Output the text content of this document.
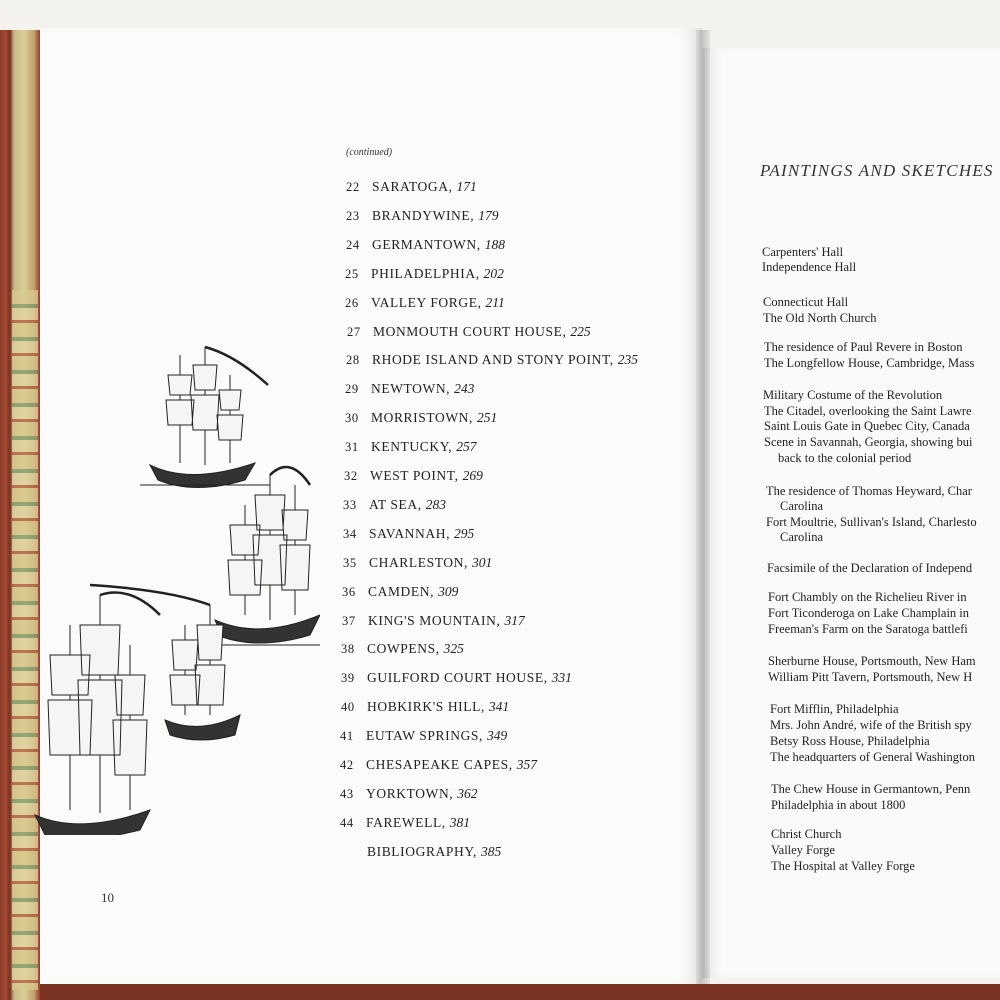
(continued)
22 SARATOGA, 171
23 BRANDYWINE, 179
24 GERMANTOWN, 188
25 PHILADELPHIA, 202
26 VALLEY FORGE, 211
27 MONMOUTH COURT HOUSE, 225
28 RHODE ISLAND AND STONY POINT, 235
29 NEWTOWN, 243
30 MORRISTOWN, 251
31 KENTUCKY, 257
32 WEST POINT, 269
33 AT SEA, 283
34 SAVANNAH, 295
35 CHARLESTON, 301
36 CAMDEN, 309
37 KING'S MOUNTAIN, 317
38 COWPENS, 325
39 GUILFORD COURT HOUSE, 331
40 HOBKIRK'S HILL, 341
41 EUTAW SPRINGS, 349
42 CHESAPEAKE CAPES, 357
43 YORKTOWN, 362
44 FAREWELL, 381
BIBLIOGRAPHY, 385
10
PAINTINGS AND SKETCHES
Carpenters' Hall
Independence Hall
Connecticut Hall
The Old North Church
The residence of Paul Revere in Boston
The Longfellow House, Cambridge, Mass
Military Costume of the Revolution
The Citadel, overlooking the Saint Lawre
Saint Louis Gate in Quebec City, Canada
Scene in Savannah, Georgia, showing bui
back to the colonial period
The residence of Thomas Heyward, Char
Carolina
Fort Moultrie, Sullivan's Island, Charlesto
Carolina
Facsimile of the Declaration of Independ
Fort Chambly on the Richelieu River in
Fort Ticonderoga on Lake Champlain in
Freeman's Farm on the Saratoga battlefi
Sherburne House, Portsmouth, New Ham
William Pitt Tavern, Portsmouth, New H
Fort Mifflin, Philadelphia
Mrs. John André, wife of the British spy
Betsy Ross House, Philadelphia
The headquarters of General Washington
The Chew House in Germantown, Penn
Philadelphia in about 1800
Christ Church
Valley Forge
The Hospital at Valley Forge
